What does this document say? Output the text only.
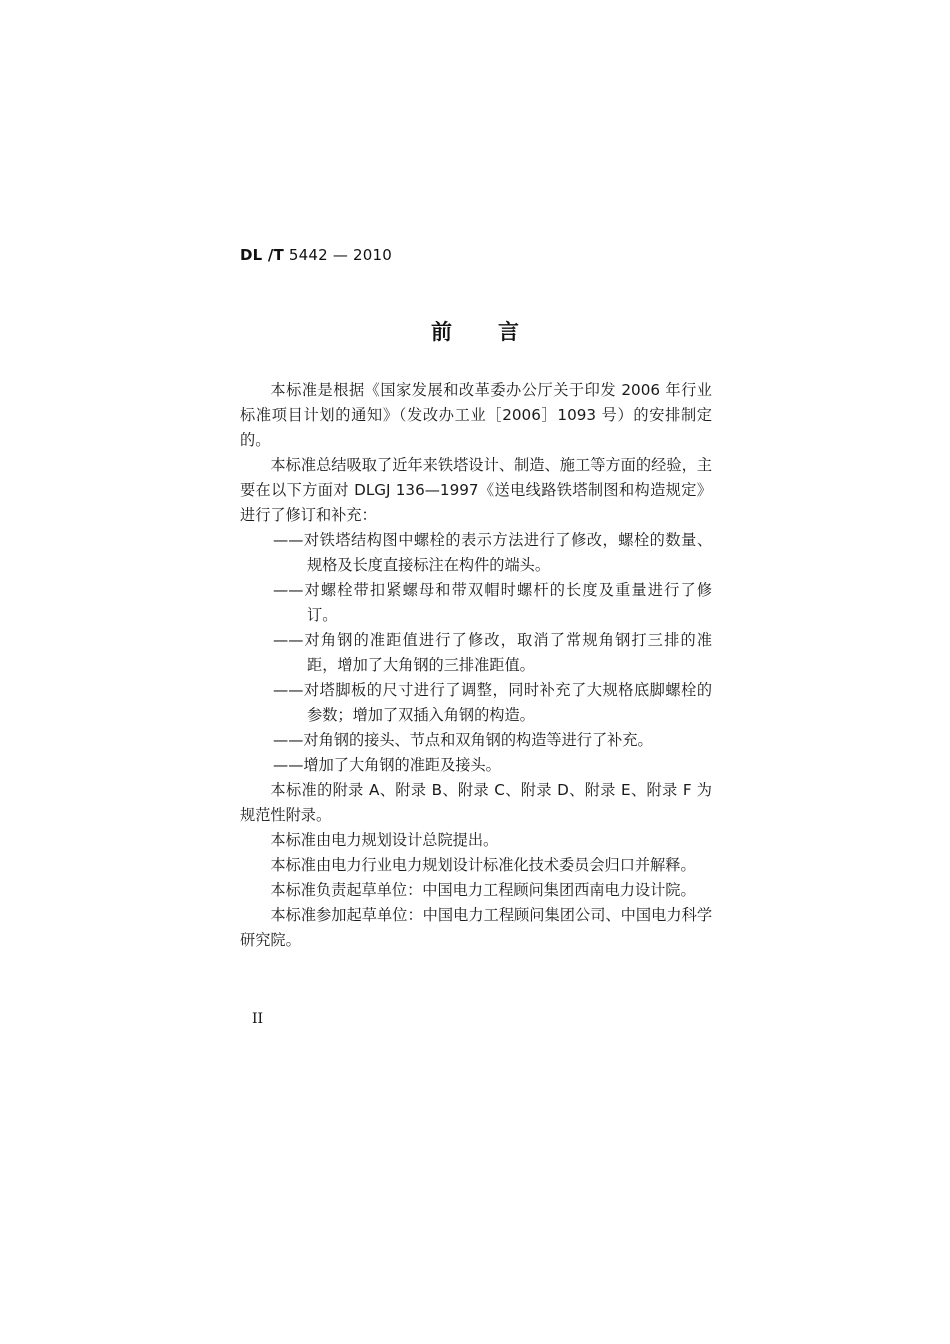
DL /T 5442 — 2010
前言

本标准是根据《国家发展和改革委办公厅关于印发 2006 年行业标准项目计划的通知》（发改办工业［2006］1093 号）的安排制定的。

本标准总结吸取了近年来铁塔设计、制造、施工等方面的经验，主要在以下方面对 DLGJ 136—1997《送电线路铁塔制图和构造规定》进行了修订和补充：

——对铁塔结构图中螺栓的表示方法进行了修改，螺栓的数量、规格及长度直接标注在构件的端头。

——对螺栓带扣紧螺母和带双帽时螺杆的长度及重量进行了修订。

——对角钢的准距值进行了修改，取消了常规角钢打三排的准距，增加了大角钢的三排准距值。

——对塔脚板的尺寸进行了调整，同时补充了大规格底脚螺栓的参数；增加了双插入角钢的构造。

——对角钢的接头、节点和双角钢的构造等进行了补充。

——增加了大角钢的准距及接头。

本标准的附录 A、附录 B、附录 C、附录 D、附录 E、附录 F 为规范性附录。

本标准由电力规划设计总院提出。

本标准由电力行业电力规划设计标准化技术委员会归口并解释。

本标准负责起草单位：中国电力工程顾问集团西南电力设计院。

本标准参加起草单位：中国电力工程顾问集团公司、中国电力科学研究院。

II
